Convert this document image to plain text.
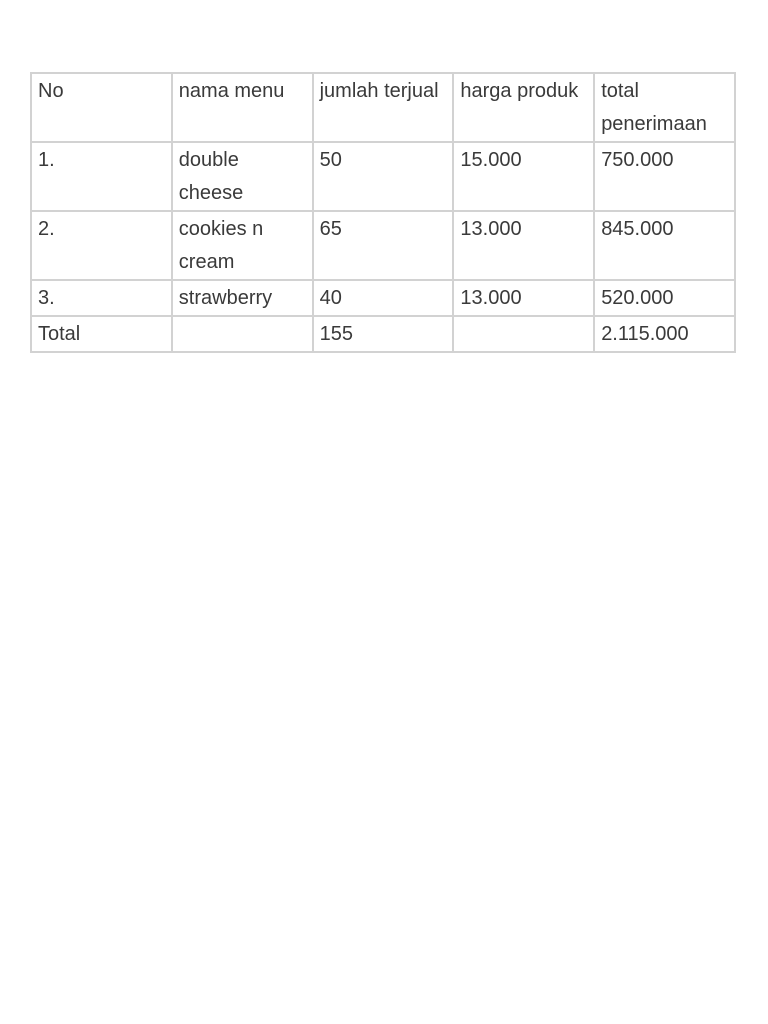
No	nama menu	jumlah terjual	harga produk	total penerimaan

1.	double cheese	50	15.000	750.000

2.	cookies n cream	65	13.000	845.000

3.	strawberry	40	13.000	520.000

Total		155		2.115.000
